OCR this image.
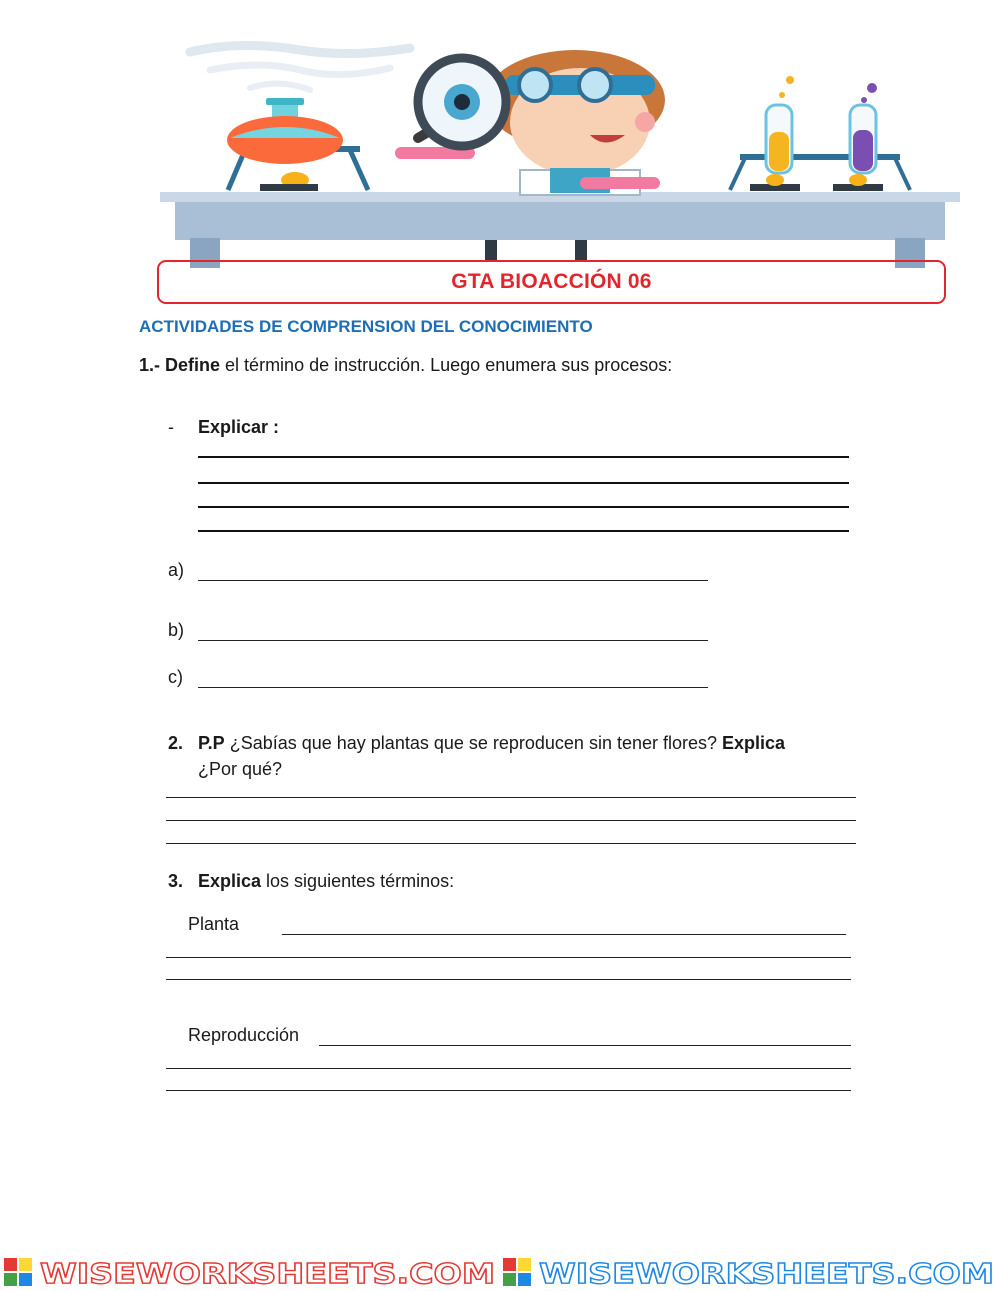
GTA BIOACCIÓN 06
ACTIVIDADES DE COMPRENSION DEL CONOCIMIENTO
1.- Define el término de instrucción. Luego enumera sus procesos:
- Explicar :
a)
b)
c)
2. P.P ¿Sabías que hay plantas que se reproducen sin tener flores? Explica
¿Por qué?
3. Explica los siguientes términos:
Planta
Reproducción
WISEWORKSHEETS.COM WISEWORKSHEETS.COM
